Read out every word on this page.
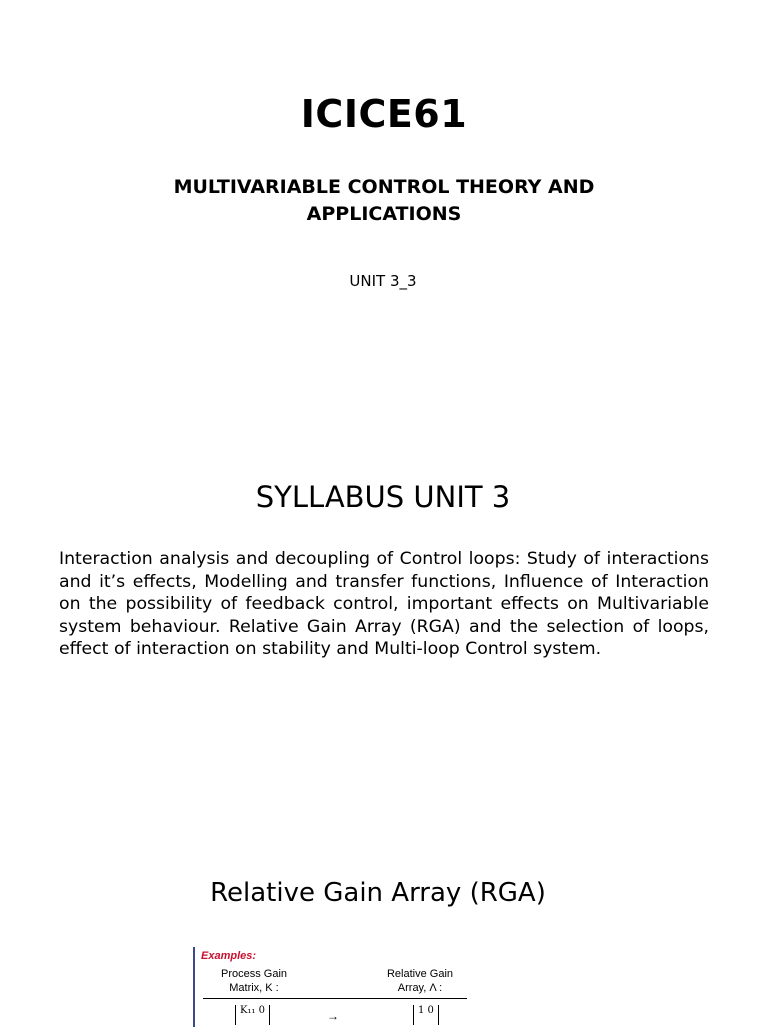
ICICE61
MULTIVARIABLE CONTROL THEORY AND APPLICATIONS
UNIT 3_3
SYLLABUS UNIT 3
Interaction analysis and decoupling of Control loops: Study of interactions and it’s effects, Modelling and transfer functions, Influence of Interaction on the possibility of feedback control, important effects on Multivariable system behaviour. Relative Gain Array (RGA) and the selection of loops, effect of interaction on stability and Multi-loop Control system.
Relative Gain Array (RGA)
Examples:
Process Gain
Matrix, K :
Relative Gain
Array, Λ :
K₁₁ 0	→	1 0
